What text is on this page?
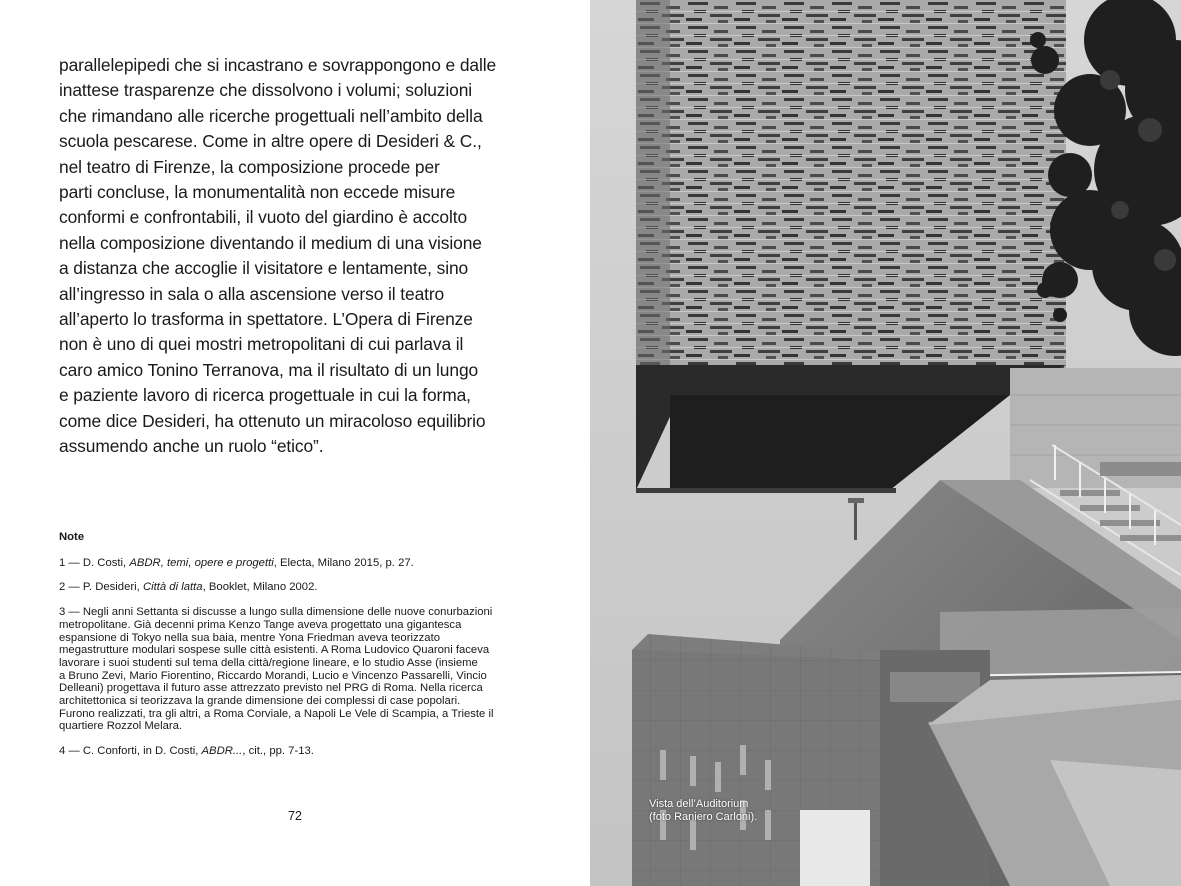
parallelepipedi che si incastrano e sovrappongono e dalle
inattese trasparenze che dissolvono i volumi; soluzioni
che rimandano alle ricerche progettuali nell’ambito della
scuola pescarese. Come in altre opere di Desideri & C.,
nel teatro di Firenze, la composizione procede per
parti concluse, la monumentalità non eccede misure
conformi e confrontabili, il vuoto del giardino è accolto
nella composizione diventando il medium di una visione
a distanza che accoglie il visitatore e lentamente, sino
all’ingresso in sala o alla ascensione verso il teatro
all’aperto lo trasforma in spettatore. L’Opera di Firenze
non è uno di quei mostri metropolitani di cui parlava il
caro amico Tonino Terranova, ma il risultato di un lungo
e paziente lavoro di ricerca progettuale in cui la forma,
come dice Desideri, ha ottenuto un miracoloso equilibrio
assumendo anche un ruolo “etico”.
Note
1 — D. Costi, ABDR, temi, opere e progetti, Electa, Milano 2015, p. 27.
2 — P. Desideri, Città di latta, Booklet, Milano 2002.
3 — Negli anni Settanta si discusse a lungo sulla dimensione delle nuove conurbazioni
metropolitane. Già decenni prima Kenzo Tange aveva progettato una gigantesca
espansione di Tokyo nella sua baia, mentre Yona Friedman aveva teorizzato
megastrutture modulari sospese sulle città esistenti. A Roma Ludovico Quaroni faceva
lavorare i suoi studenti sul tema della città/regione lineare, e lo studio Asse (insieme
a Bruno Zevi, Mario Fiorentino, Riccardo Morandi, Lucio e Vincenzo Passarelli, Vincio
Delleani) progettava il futuro asse attrezzato previsto nel PRG di Roma. Nella ricerca
architettonica si teorizzava la grande dimensione dei complessi di case popolari.
Furono realizzati, tra gli altri, a Roma Corviale, a Napoli Le Vele di Scampia, a Trieste il
quartiere Rozzol Melara.
4 — C. Conforti, in D. Costi, ABDR..., cit., pp. 7-13.
72
Vista dell’Auditorium
(foto Raniero Carloni).
